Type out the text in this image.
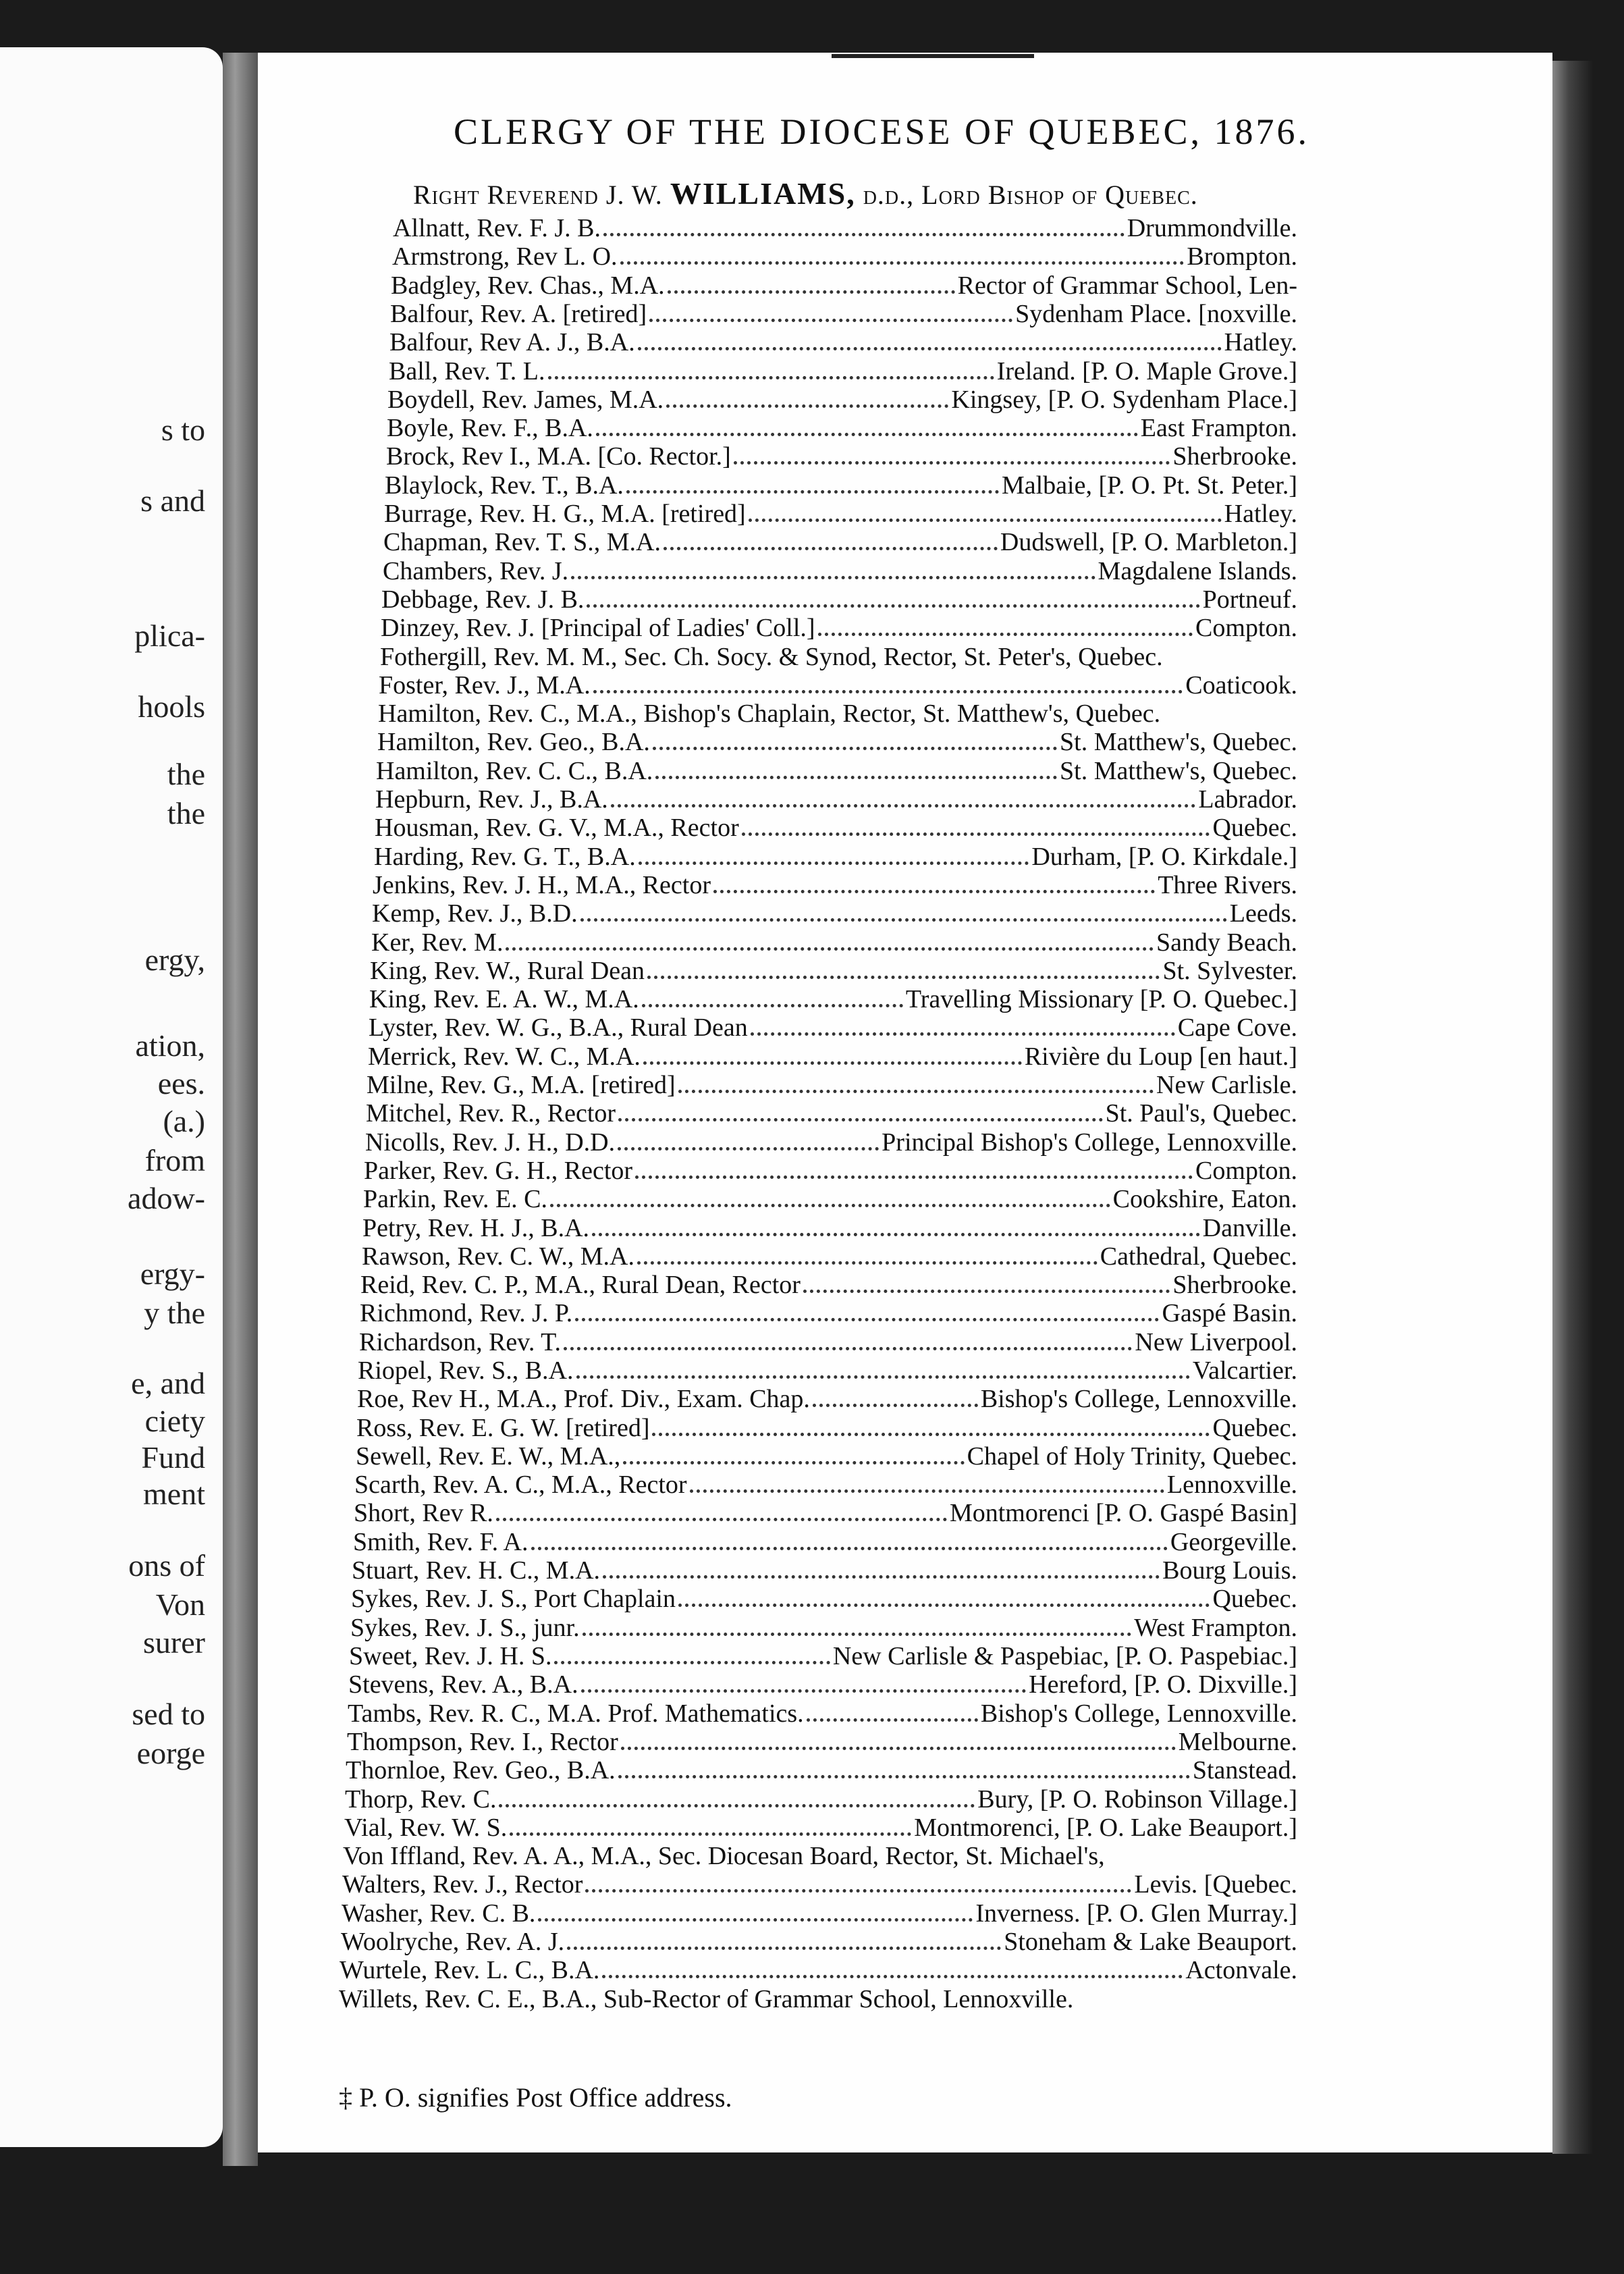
s to
s and
plica-
hools
the
the
ergy,
ation,
ees.
(a.)
from
adow-
ergy-
y the
e, and
ciety
Fund
ment
ons of
Von
surer
sed to
eorge
CLERGY OF THE DIOCESE OF QUEBEC, 1876.
Right Reverend J. W. WILLIAMS, d.d., Lord Bishop of Quebec.
Allnatt, Rev. F. J. B.	Drummondville.
Armstrong, Rev L. O.	Brompton.
Badgley, Rev. Chas., M.A.	Rector of Grammar School, Len-
Balfour, Rev. A. [retired]	Sydenham Place. [noxville.
Balfour, Rev A. J., B.A.	Hatley.
Ball, Rev. T. L.	Ireland. [P. O. Maple Grove.]
Boydell, Rev. James, M.A.	Kingsey, [P. O. Sydenham Place.]
Boyle, Rev. F., B.A.	East Frampton.
Brock, Rev I., M.A. [Co. Rector.]	Sherbrooke.
Blaylock, Rev. T., B.A.	Malbaie, [P. O. Pt. St. Peter.]
Burrage, Rev. H. G., M.A. [retired]	Hatley.
Chapman, Rev. T. S., M.A.	Dudswell, [P. O. Marbleton.]
Chambers, Rev. J.	Magdalene Islands.
Debbage, Rev. J. B.	Portneuf.
Dinzey, Rev. J. [Principal of Ladies' Coll.]	Compton.
Fothergill, Rev. M. M., Sec. Ch. Socy. & Synod, Rector, St. Peter's, Quebec.
Foster, Rev. J., M.A.	Coaticook.
Hamilton, Rev. C., M.A., Bishop's Chaplain, Rector, St. Matthew's, Quebec.
Hamilton, Rev. Geo., B.A.	St. Matthew's, Quebec.
Hamilton, Rev. C. C., B.A.	St. Matthew's, Quebec.
Hepburn, Rev. J., B.A.	Labrador.
Housman, Rev. G. V., M.A., Rector	Quebec.
Harding, Rev. G. T., B.A.	Durham, [P. O. Kirkdale.]
Jenkins, Rev. J. H., M.A., Rector	Three Rivers.
Kemp, Rev. J., B.D.	Leeds.
Ker, Rev. M.	Sandy Beach.
King, Rev. W., Rural Dean	St. Sylvester.
King, Rev. E. A. W., M.A.	Travelling Missionary [P. O. Quebec.]
Lyster, Rev. W. G., B.A., Rural Dean	Cape Cove.
Merrick, Rev. W. C., M.A.	Rivière du Loup [en haut.]
Milne, Rev. G., M.A. [retired]	New Carlisle.
Mitchel, Rev. R., Rector	St. Paul's, Quebec.
Nicolls, Rev. J. H., D.D.	Principal Bishop's College, Lennoxville.
Parker, Rev. G. H., Rector	Compton.
Parkin, Rev. E. C.	Cookshire, Eaton.
Petry, Rev. H. J., B.A.	Danville.
Rawson, Rev. C. W., M.A.	Cathedral, Quebec.
Reid, Rev. C. P., M.A., Rural Dean, Rector	Sherbrooke.
Richmond, Rev. J. P.	Gaspé Basin.
Richardson, Rev. T.	New Liverpool.
Riopel, Rev. S., B.A.	Valcartier.
Roe, Rev H., M.A., Prof. Div., Exam. Chap.	Bishop's College, Lennoxville.
Ross, Rev. E. G. W. [retired]	Quebec.
Sewell, Rev. E. W., M.A.,	Chapel of Holy Trinity, Quebec.
Scarth, Rev. A. C., M.A., Rector	Lennoxville.
Short, Rev R.	Montmorenci [P. O. Gaspé Basin]
Smith, Rev. F. A.	Georgeville.
Stuart, Rev. H. C., M.A.	Bourg Louis.
Sykes, Rev. J. S., Port Chaplain	Quebec.
Sykes, Rev. J. S., junr.	West Frampton.
Sweet, Rev. J. H. S.	New Carlisle & Paspebiac, [P. O. Paspebiac.]
Stevens, Rev. A., B.A.	Hereford, [P. O. Dixville.]
Tambs, Rev. R. C., M.A. Prof. Mathematics.	Bishop's College, Lennoxville.
Thompson, Rev. I., Rector	Melbourne.
Thornloe, Rev. Geo., B.A.	Stanstead.
Thorp, Rev. C.	Bury, [P. O. Robinson Village.]
Vial, Rev. W. S.	Montmorenci, [P. O. Lake Beauport.]
Von Iffland, Rev. A. A., M.A., Sec. Diocesan Board, Rector, St. Michael's,
Walters, Rev. J., Rector	Levis. [Quebec.
Washer, Rev. C. B.	Inverness. [P. O. Glen Murray.]
Woolryche, Rev. A. J.	Stoneham & Lake Beauport.
Wurtele, Rev. L. C., B.A.	Actonvale.
Willets, Rev. C. E., B.A., Sub-Rector of Grammar School, Lennoxville.
‡ P. O. signifies Post Office address.
